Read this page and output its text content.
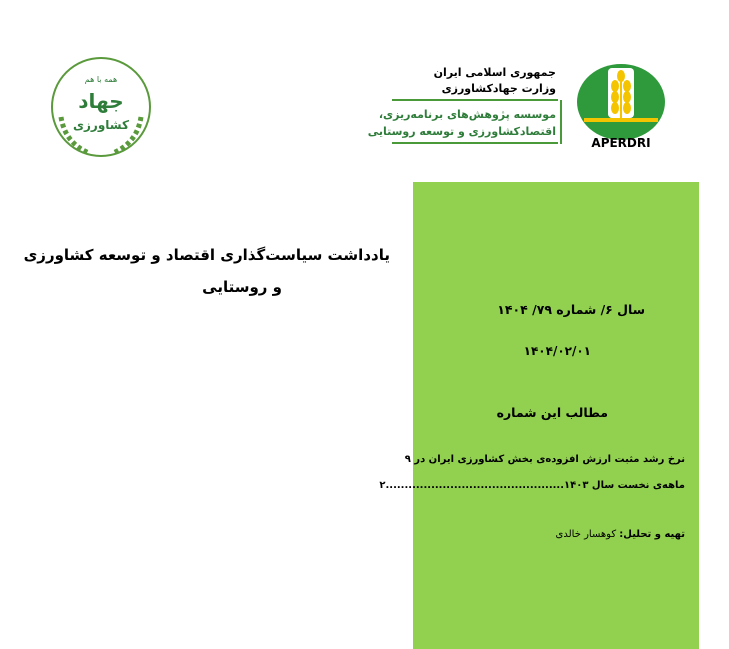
همه با هم
جهاد
کشاورزی
جمهوری اسلامی ایران
وزارت جهادکشاورزی
موسسه پژوهش‌های برنامه‌ریزی،
اقتصادکشاورزی و توسعه روستایی
APERDRI
یادداشت سیاست‌گذاری اقتصاد و توسعه کشاورزی
و روستایی
سال ۶/ شماره ۷۹/ ۱۴۰۴
۱۴۰۴/۰۲/۰۱
مطالب این شماره
نرخ رشد مثبت ارزش افزوده‌ی بخش کشاورزی ایران در ۹
ماهه‌ی نخست سال ۱۴۰۳...............................................۲
تهیه و تحلیل: کوهسار خالدی
